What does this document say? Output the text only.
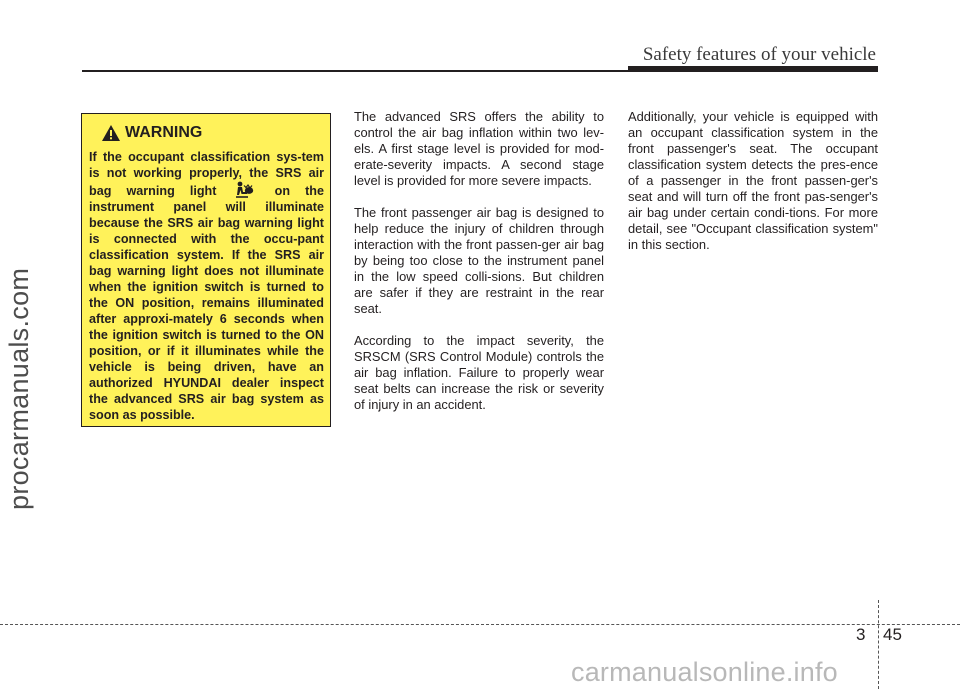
procarmanuals.com
Safety features of your vehicle
WARNING

If the occupant classification sys-tem is not working properly, the SRS air bag warning light	on the instrument panel will illuminate because the SRS air bag warning light is connected with the occu-pant classification system. If the SRS air bag warning light does not illuminate when the ignition switch is turned to the ON position, remains illuminated after approxi-mately 6 seconds when the ignition switch is turned to the ON position, or if it illuminates while the vehicle is being driven, have an authorized HYUNDAI dealer inspect the advanced SRS air bag system as soon as possible.

The advanced SRS offers the ability to control the air bag inflation within two lev-els. A first stage level is provided for mod-erate-severity impacts. A second stage level is provided for more severe impacts.

The front passenger air bag is designed to help reduce the injury of children through interaction with the front passen-ger air bag by being too close to the instrument panel in the low speed colli-sions. But children are safer if they are restraint in the rear seat.

According to the impact severity, the SRSCM (SRS Control Module) controls the air bag inflation. Failure to properly wear seat belts can increase the risk or severity of injury in an accident.

Additionally, your vehicle is equipped with an occupant classification system in the front passenger's seat. The occupant classification system detects the pres-ence of a passenger in the front passen-ger's seat and will turn off the front pas-senger's air bag under certain condi-tions. For more detail, see "Occupant classification system" in this section.

3 45
carmanualsonline.info
